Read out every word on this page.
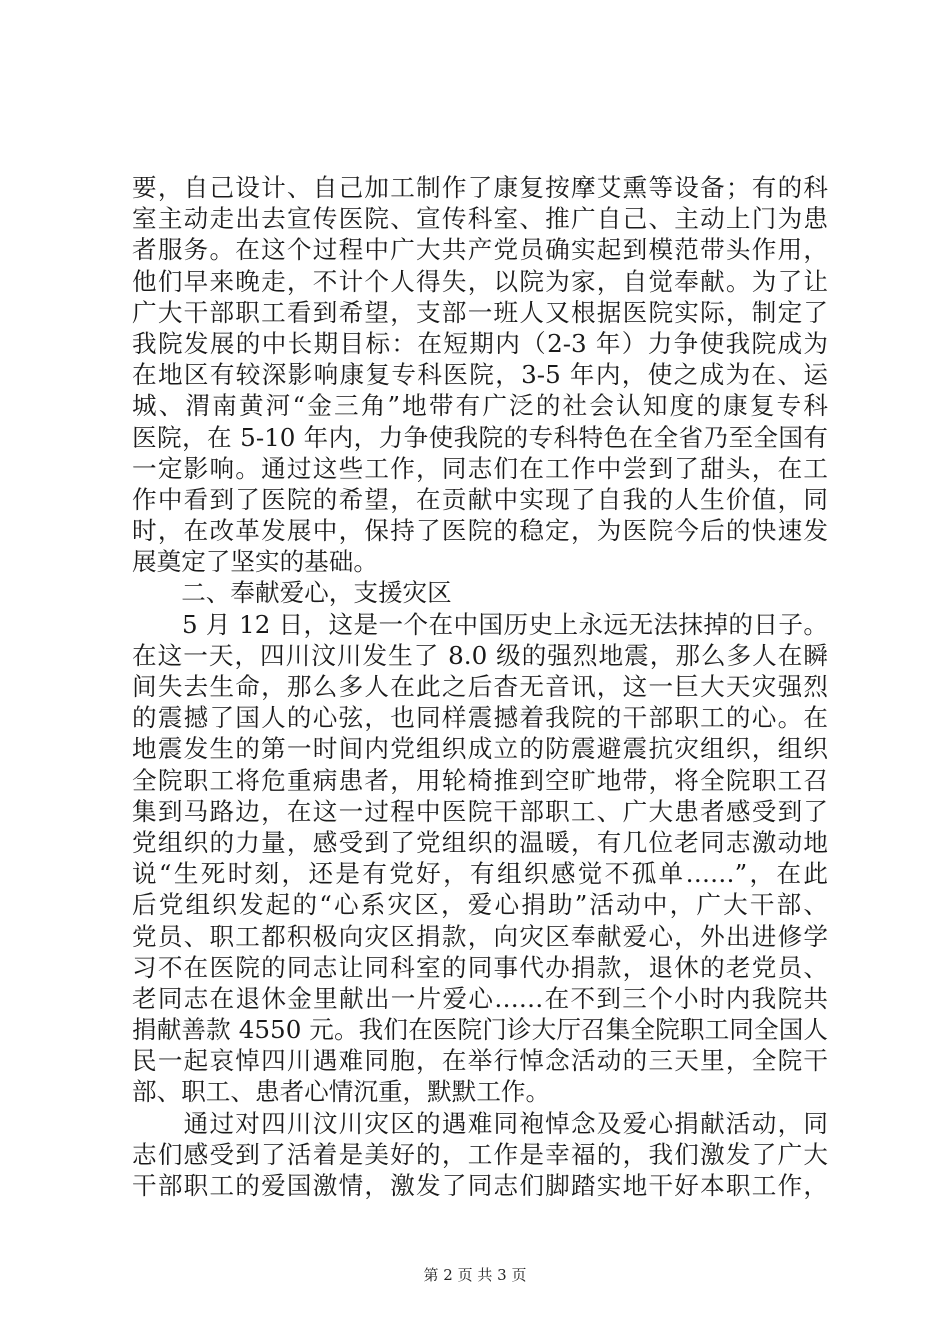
要，自己设计、自己加工制作了康复按摩艾熏等设备；有的科
室主动走出去宣传医院、宣传科室、推广自己、主动上门为患
者服务。在这个过程中广大共产党员确实起到模范带头作用，
他们早来晚走，不计个人得失，以院为家，自觉奉献。为了让
广大干部职工看到希望，支部一班人又根据医院实际，制定了
我院发展的中长期目标：在短期内（2-3 年）力争使我院成为
在地区有较深影响康复专科医院，3-5 年内，使之成为在、运
城、渭南黄河“金三角”地带有广泛的社会认知度的康复专科
医院，在 5-10 年内，力争使我院的专科特色在全省乃至全国有
一定影响。通过这些工作，同志们在工作中尝到了甜头，在工
作中看到了医院的希望，在贡献中实现了自我的人生价值，同
时，在改革发展中，保持了医院的稳定，为医院今后的快速发
展奠定了坚实的基础。
　　二、奉献爱心，支援灾区
　　5 月 12 日，这是一个在中国历史上永远无法抹掉的日子。
在这一天，四川汶川发生了 8.0 级的强烈地震，那么多人在瞬
间失去生命，那么多人在此之后杳无音讯，这一巨大天灾强烈
的震撼了国人的心弦，也同样震撼着我院的干部职工的心。在
地震发生的第一时间内党组织成立的防震避震抗灾组织，组织
全院职工将危重病患者，用轮椅推到空旷地带，将全院职工召
集到马路边，在这一过程中医院干部职工、广大患者感受到了
党组织的力量，感受到了党组织的温暖，有几位老同志激动地
说“生死时刻，还是有党好，有组织感觉不孤单……”，在此
后党组织发起的“心系灾区，爱心捐助”活动中，广大干部、
党员、职工都积极向灾区捐款，向灾区奉献爱心，外出进修学
习不在医院的同志让同科室的同事代办捐款，退休的老党员、
老同志在退休金里献出一片爱心……在不到三个小时内我院共
捐献善款 4550 元。我们在医院门诊大厅召集全院职工同全国人
民一起哀悼四川遇难同胞，在举行悼念活动的三天里，全院干
部、职工、患者心情沉重，默默工作。
　　通过对四川汶川灾区的遇难同袍悼念及爱心捐献活动，同
志们感受到了活着是美好的，工作是幸福的，我们激发了广大
干部职工的爱国激情，激发了同志们脚踏实地干好本职工作，
第 2 页 共 3 页
